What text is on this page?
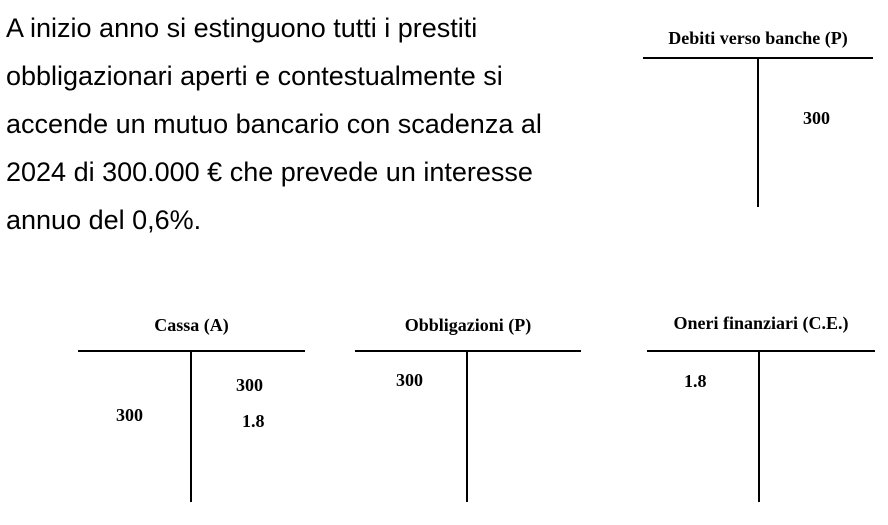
A inizio anno si estinguono tutti i prestiti
obbligazionari aperti e contestualmente si
accende un mutuo bancario con scadenza al
2024 di 300.000 € che prevede un interesse
annuo del 0,6%.
Debiti verso banche (P)
300
Cassa (A)
300
300
1.8
Obbligazioni (P)
300
Oneri finanziari (C.E.)
1.8
